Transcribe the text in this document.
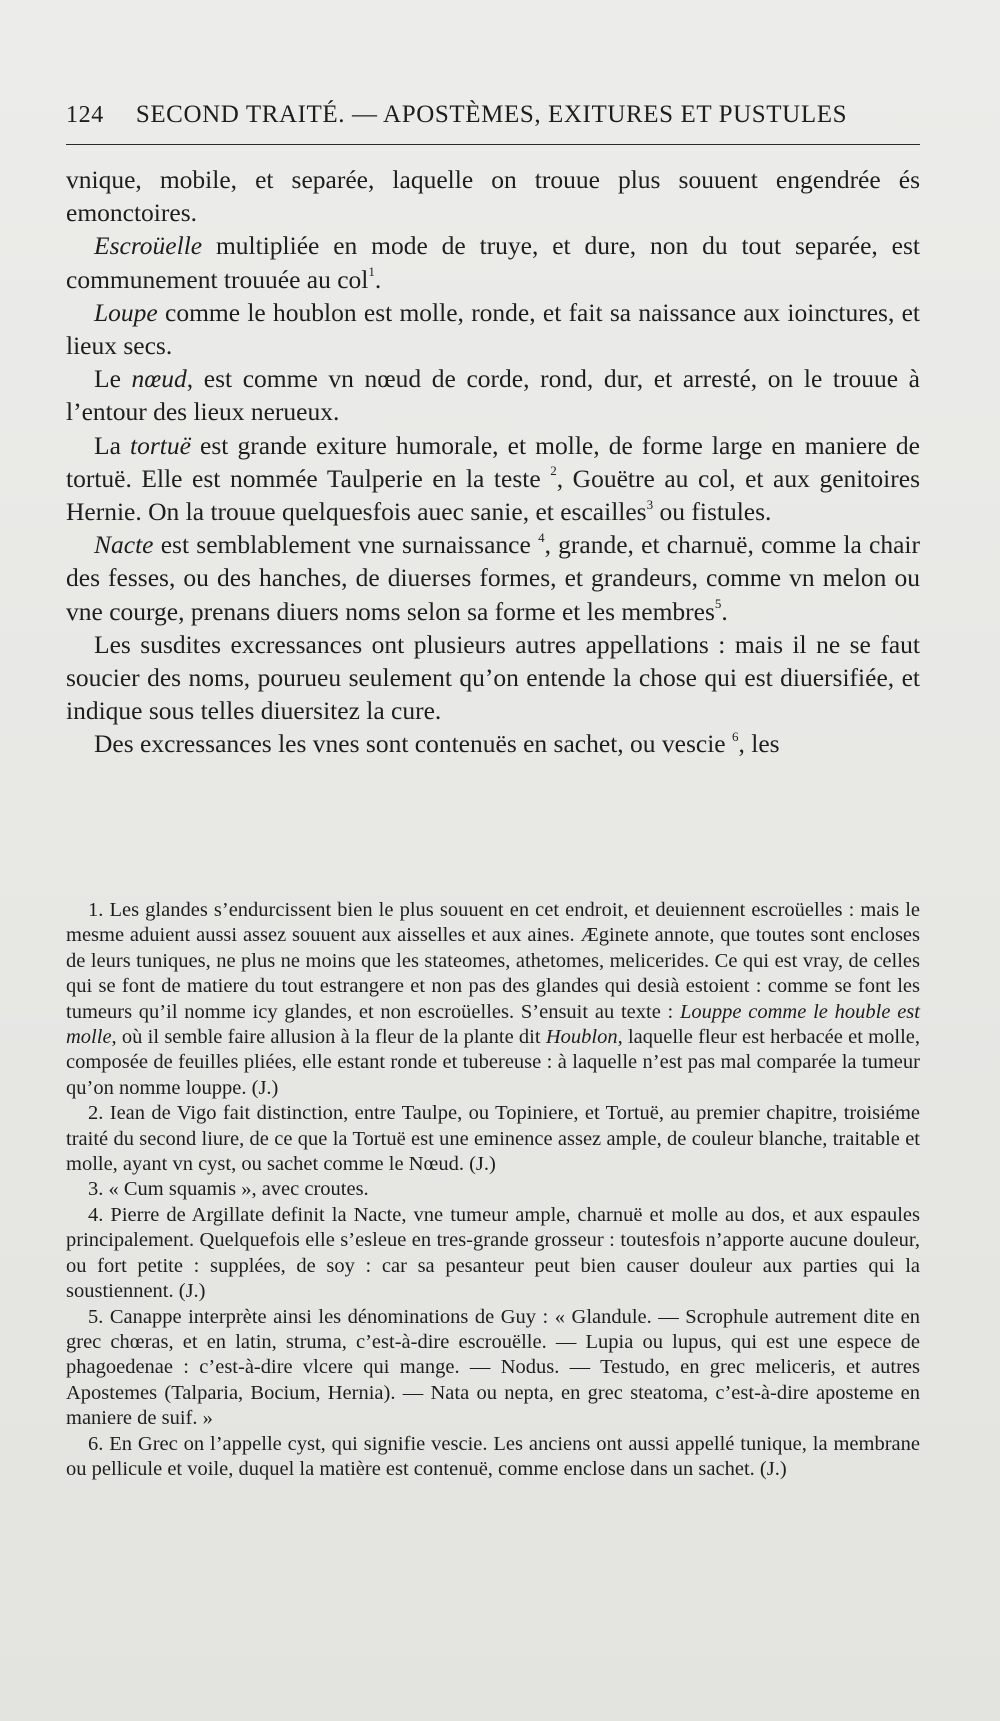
124 SECOND TRAITÉ. — APOSTÈMES, EXITURES ET PUSTULES

vnique, mobile, et separée, laquelle on trouue plus souuent engendrée és emonctoires.

Escroüelle multipliée en mode de truye, et dure, non du tout separée, est communement trouuée au col$^1$.

Loupe comme le houblon est molle, ronde, et fait sa naissance aux ioinctures, et lieux secs.

Le nœud, est comme vn nœud de corde, rond, dur, et arresté, on le trouue à l’entour des lieux nerueux.

La tortuë est grande exiture humorale, et molle, de forme large en maniere de tortuë. Elle est nommée Taulperie en la teste $^2$, Gouëtre au col, et aux genitoires Hernie. On la trouue quelquesfois auec sanie, et escailles$^3$ ou fistules.

Nacte est semblablement vne surnaissance $^4$, grande, et charnuë, comme la chair des fesses, ou des hanches, de diuerses formes, et grandeurs, comme vn melon ou vne courge, prenans diuers noms selon sa forme et les membres$^5$.

Les susdites excressances ont plusieurs autres appellations : mais il ne se faut soucier des noms, pourueu seulement qu’on entende la chose qui est diuersifiée, et indique sous telles diuersitez la cure.

Des excressances les vnes sont contenuës en sachet, ou vescie $^6$, les

1. Les glandes s’endurcissent bien le plus souuent en cet endroit, et deuiennent escroüelles : mais le mesme aduient aussi assez souuent aux aisselles et aux aines. Æginete annote, que toutes sont encloses de leurs tuniques, ne plus ne moins que les stateomes, athetomes, melicerides. Ce qui est vray, de celles qui se font de matiere du tout estrangere et non pas des glandes qui desià estoient : comme se font les tumeurs qu’il nomme icy glandes, et non escroüelles. S’ensuit au texte : Louppe comme le houble est molle, où il semble faire allusion à la fleur de la plante dit Houblon, laquelle fleur est herbacée et molle, composée de feuilles pliées, elle estant ronde et tubereuse : à laquelle n’est pas mal comparée la tumeur qu’on nomme louppe. (J.)

2. Iean de Vigo fait distinction, entre Taulpe, ou Topiniere, et Tortuë, au premier chapitre, troisiéme traité du second liure, de ce que la Tortuë est une eminence assez ample, de couleur blanche, traitable et molle, ayant vn cyst, ou sachet comme le Nœud. (J.)

3. « Cum squamis », avec croutes.

4. Pierre de Argillate definit la Nacte, vne tumeur ample, charnuë et molle au dos, et aux espaules principalement. Quelquefois elle s’esleue en tres-grande grosseur : toutesfois n’apporte aucune douleur, ou fort petite : supplées, de soy : car sa pesanteur peut bien causer douleur aux parties qui la soustiennent. (J.)

5. Canappe interprète ainsi les dénominations de Guy : « Glandule. — Scrophule autrement dite en grec chœras, et en latin, struma, c’est-à-dire escrouëlle. — Lupia ou lupus, qui est une espece de phagoedenae : c’est-à-dire vlcere qui mange. — Nodus. — Testudo, en grec meliceris, et autres Apostemes (Talparia, Bocium, Hernia). — Nata ou nepta, en grec steatoma, c’est-à-dire aposteme en maniere de suif. »

6. En Grec on l’appelle cyst, qui signifie vescie. Les anciens ont aussi appellé tunique, la membrane ou pellicule et voile, duquel la matière est contenuë, comme enclose dans un sachet. (J.)
